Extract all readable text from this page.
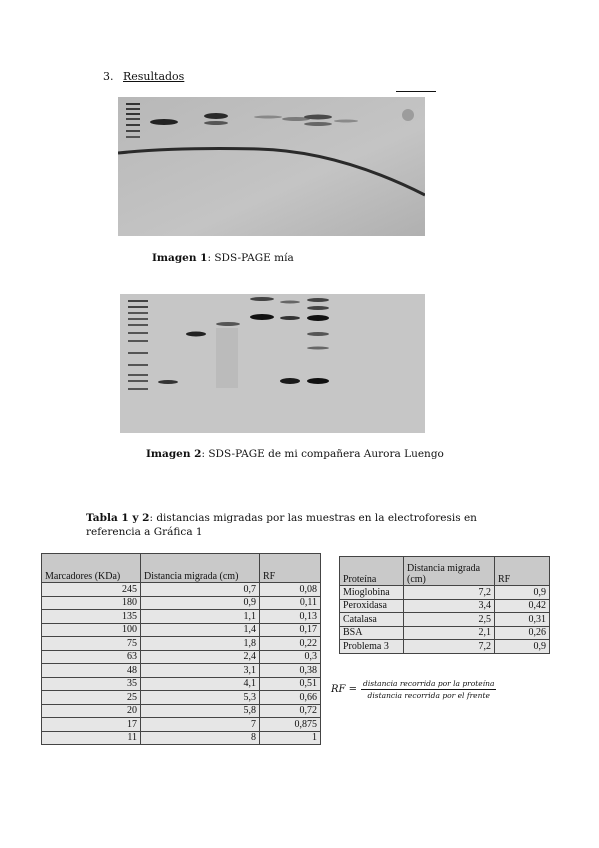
3. Resultados
Imagen 1: SDS-PAGE mía
Imagen 2: SDS-PAGE de mi compañera Aurora Luengo
Tabla 1 y 2: distancias migradas por las muestras en la electroforesis en referencia a Gráfica 1
Marcadores (KDa)	Distancia migrada (cm)	RF
245	0,7	0,08
180	0,9	0,11
135	1,1	0,13
100	1,4	0,17
75	1,8	0,22
63	2,4	0,3
48	3,1	0,38
35	4,1	0,51
25	5,3	0,66
20	5,8	0,72
17	7	0,875
11	8	1
Proteína	Distancia migrada (cm)	RF
Mioglobina	7,2	0,9
Peroxidasa	3,4	0,42
Catalasa	2,5	0,31
BSA	2,1	0,26
Problema 3	7,2	0,9
RF = $\frac{\text{distancia recorrida por la proteína}}{\text{distancia recorrida por el frente}}$
